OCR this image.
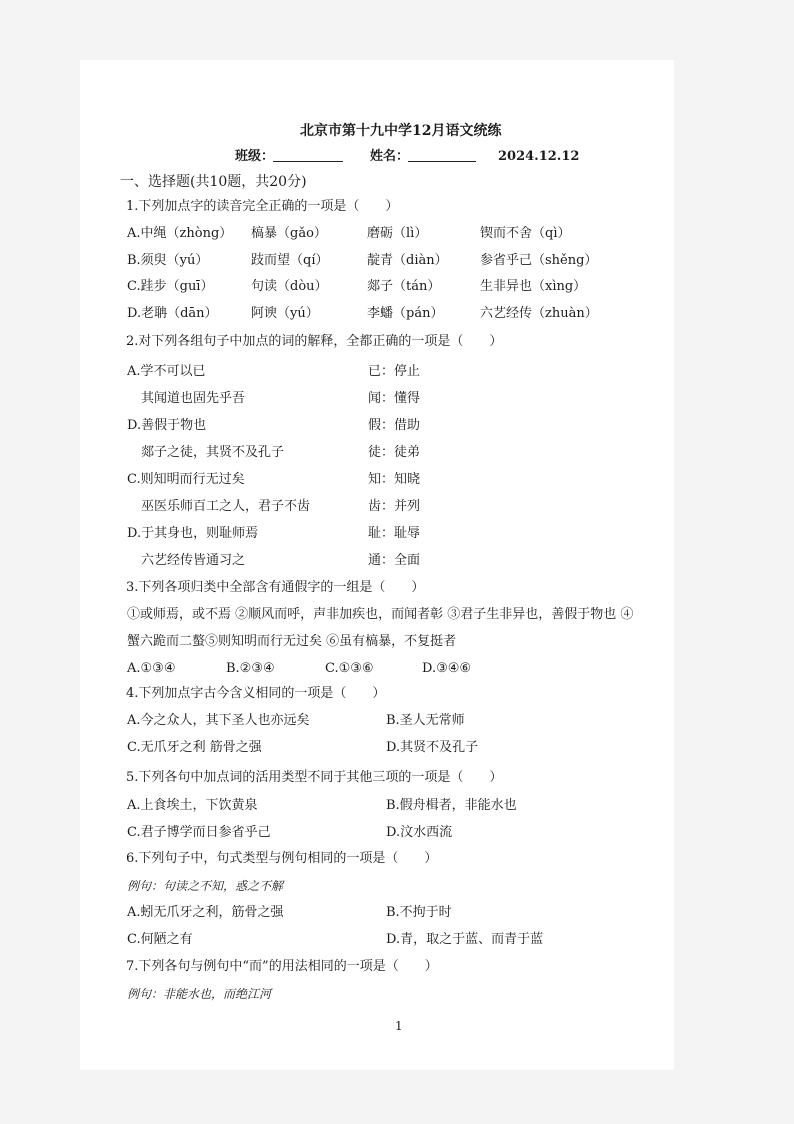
北京市第十九中学12月语文统练
班级：	姓名：	2024.12.12
一、选择题(共10题，共20分)
1.下列加点字的读音完全正确的一项是（　　）
A.中绳（zhòng） 槁暴（gǎo）	磨砺（lì）	锲而不舍（qì）
B.须臾（yú）	跂而望（qí）	靛青（diàn） 参省乎己（shěng）
C.跬步（guī）	句读（dòu）	郯子（tán）	生非异也（xìng）
D.老聃（dān）	阿谀（yú）	李蟠（pán）	六艺经传（zhuàn）
2.对下列各组句子中加点的词的解释，全都正确的一项是（　　）
A.学不可以已	已：停止
其闻道也固先乎吾	闻：懂得
D.善假于物也	假：借助
郯子之徒，其贤不及孔子	徒：徒弟
C.则知明而行无过矣	知：知晓
巫医乐师百工之人，君子不齿	齿：并列
D.于其身也，则耻师焉	耻：耻辱
六艺经传皆通习之	通：全面
3.下列各项归类中全部含有通假字的一组是（　　）
①或师焉，或不焉 ②顺风而呼，声非加疾也，而闻者彰 ③君子生非异也，善假于物也 ④
蟹六跪而二螯⑤则知明而行无过矣 ⑥虽有槁暴，不复挺者
A.①③④	B.②③④	C.①③⑥	D.③④⑥
4.下列加点字古今含义相同的一项是（　　）
A.今之众人，其下圣人也亦远矣	B.圣人无常师
C.无爪牙之利 筋骨之强	D.其贤不及孔子
5.下列各句中加点词的活用类型不同于其他三项的一项是（　　）
A.上食埃土，下饮黄泉	B.假舟楫者，非能水也
C.君子博学而日参省乎己	D.汶水西流
6.下列句子中，句式类型与例句相同的一项是（　　）
例句：句读之不知，惑之不解
A.蚓无爪牙之利，筋骨之强	B.不拘于时
C.何陋之有	D.青，取之于蓝、而青于蓝
7.下列各句与例句中“而”的用法相同的一项是（　　）
例句：非能水也，而绝江河
1
